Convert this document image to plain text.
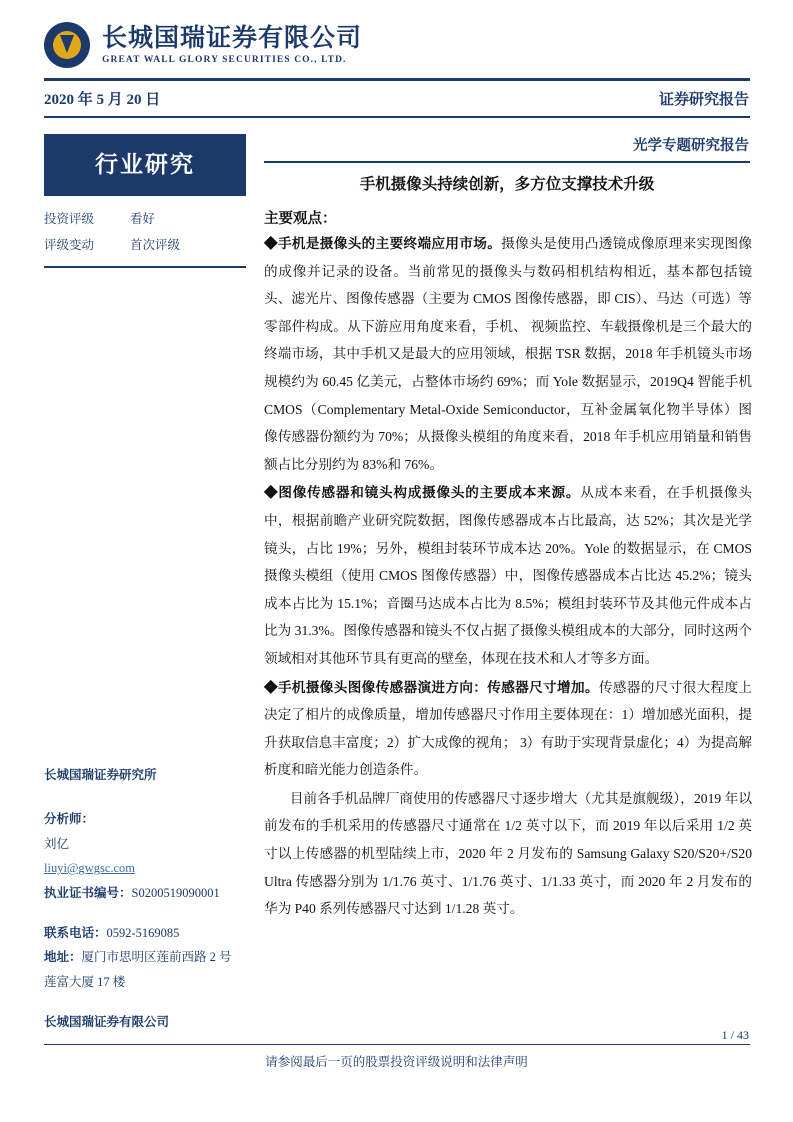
长城国瑞证券有限公司
GREAT WALL GLORY SECURITIES CO., LTD.
2020 年 5 月 20 日	证券研究报告
行业研究
投资评级	看好
评级变动	首次评级
长城国瑞证券研究所
分析师：
刘亿
liuyi@gwgsc.com
执业证书编号：S0200519090001
联系电话：0592-5169085
地址：厦门市思明区莲前西路 2 号
莲富大厦 17 楼
长城国瑞证券有限公司
光学专题研究报告
手机摄像头持续创新，多方位支撑技术升级
主要观点：

◆手机是摄像头的主要终端应用市场。摄像头是使用凸透镜成像原理来实现图像的成像并记录的设备。当前常见的摄像头与数码相机结构相近，基本都包括镜头、滤光片、图像传感器（主要为 CMOS 图像传感器，即 CIS）、马达（可选）等零部件构成。从下游应用角度来看，手机、 视频监控、车载摄像机是三个最大的终端市场，其中手机又是最大的应用领域，根据 TSR 数据，2018 年手机镜头市场规模约为 60.45 亿美元，占整体市场约 69%；而 Yole 数据显示，2019Q4 智能手机 CMOS（Complementary Metal-Oxide Semiconductor，互补金属氧化物半导体）图像传感器份额约为 70%；从摄像头模组的角度来看，2018 年手机应用销量和销售额占比分别约为 83%和 76%。

◆图像传感器和镜头构成摄像头的主要成本来源。从成本来看，在手机摄像头中，根据前瞻产业研究院数据，图像传感器成本占比最高，达 52%；其次是光学镜头，占比 19%；另外，模组封装环节成本达 20%。Yole 的数据显示，在 CMOS 摄像头模组（使用 CMOS 图像传感器）中，图像传感器成本占比达 45.2%；镜头成本占比为 15.1%；音圈马达成本占比为 8.5%；模组封装环节及其他元件成本占比为 31.3%。图像传感器和镜头不仅占据了摄像头模组成本的大部分，同时这两个领域相对其他环节具有更高的壁垒，体现在技术和人才等多方面。

◆手机摄像头图像传感器演进方向：传感器尺寸增加。传感器的尺寸很大程度上决定了相片的成像质量，增加传感器尺寸作用主要体现在：1）增加感光面积，提升获取信息丰富度；2）扩大成像的视角； 3）有助于实现背景虚化；4）为提高解析度和暗光能力创造条件。

目前各手机品牌厂商使用的传感器尺寸逐步增大（尤其是旗舰级），2019 年以前发布的手机采用的传感器尺寸通常在 1/2 英寸以下，而 2019 年以后采用 1/2 英寸以上传感器的机型陆续上市，2020 年 2 月发布的 Samsung Galaxy S20/S20+/S20 Ultra 传感器分别为 1/1.76 英寸、1/1.76 英寸、1/1.33 英寸，而 2020 年 2 月发布的华为 P40 系列传感器尺寸达到 1/1.28 英寸。

1 / 43
请参阅最后一页的股票投资评级说明和法律声明
